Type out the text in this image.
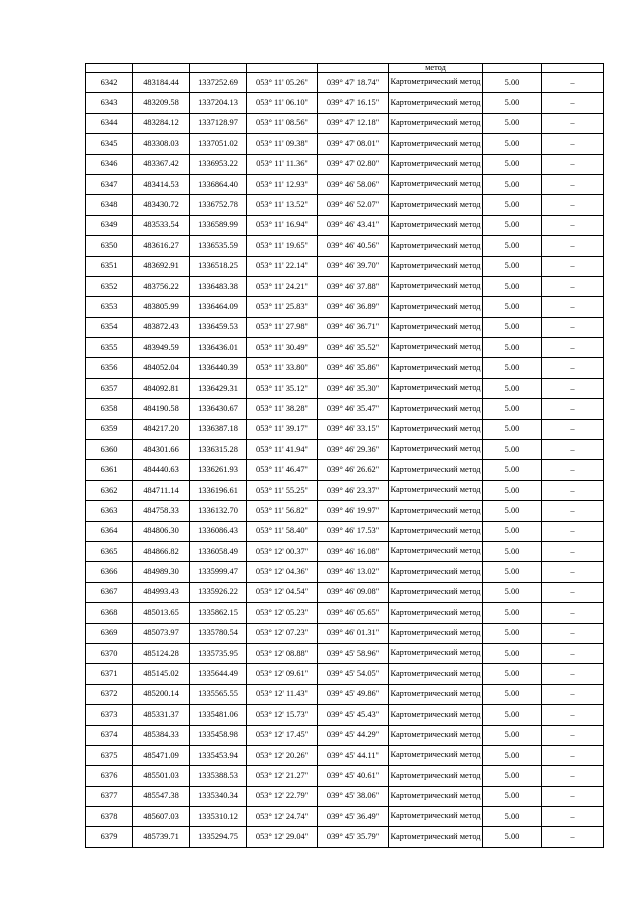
					метод		
6342	483184.44	1337252.69	053° 11' 05.26"	039° 47' 18.74"	Картометрический метод	5.00	–
6343	483209.58	1337204.13	053° 11' 06.10"	039° 47' 16.15"	Картометрический метод	5.00	–
6344	483284.12	1337128.97	053° 11' 08.56"	039° 47' 12.18"	Картометрический метод	5.00	–
6345	483308.03	1337051.02	053° 11' 09.38"	039° 47' 08.01"	Картометрический метод	5.00	–
6346	483367.42	1336953.22	053° 11' 11.36"	039° 47' 02.80"	Картометрический метод	5.00	–
6347	483414.53	1336864.40	053° 11' 12.93"	039° 46' 58.06"	Картометрический метод	5.00	–
6348	483430.72	1336752.78	053° 11' 13.52"	039° 46' 52.07"	Картометрический метод	5.00	–
6349	483533.54	1336589.99	053° 11' 16.94"	039° 46' 43.41"	Картометрический метод	5.00	–
6350	483616.27	1336535.59	053° 11' 19.65"	039° 46' 40.56"	Картометрический метод	5.00	–
6351	483692.91	1336518.25	053° 11' 22.14"	039° 46' 39.70"	Картометрический метод	5.00	–
6352	483756.22	1336483.38	053° 11' 24.21"	039° 46' 37.88"	Картометрический метод	5.00	–
6353	483805.99	1336464.09	053° 11' 25.83"	039° 46' 36.89"	Картометрический метод	5.00	–
6354	483872.43	1336459.53	053° 11' 27.98"	039° 46' 36.71"	Картометрический метод	5.00	–
6355	483949.59	1336436.01	053° 11' 30.49"	039° 46' 35.52"	Картометрический метод	5.00	–
6356	484052.04	1336440.39	053° 11' 33.80"	039° 46' 35.86"	Картометрический метод	5.00	–
6357	484092.81	1336429.31	053° 11' 35.12"	039° 46' 35.30"	Картометрический метод	5.00	–
6358	484190.58	1336430.67	053° 11' 38.28"	039° 46' 35.47"	Картометрический метод	5.00	–
6359	484217.20	1336387.18	053° 11' 39.17"	039° 46' 33.15"	Картометрический метод	5.00	–
6360	484301.66	1336315.28	053° 11' 41.94"	039° 46' 29.36"	Картометрический метод	5.00	–
6361	484440.63	1336261.93	053° 11' 46.47"	039° 46' 26.62"	Картометрический метод	5.00	–
6362	484711.14	1336196.61	053° 11' 55.25"	039° 46' 23.37"	Картометрический метод	5.00	–
6363	484758.33	1336132.70	053° 11' 56.82"	039° 46' 19.97"	Картометрический метод	5.00	–
6364	484806.30	1336086.43	053° 11' 58.40"	039° 46' 17.53"	Картометрический метод	5.00	–
6365	484866.82	1336058.49	053° 12' 00.37"	039° 46' 16.08"	Картометрический метод	5.00	–
6366	484989.30	1335999.47	053° 12' 04.36"	039° 46' 13.02"	Картометрический метод	5.00	–
6367	484993.43	1335926.22	053° 12' 04.54"	039° 46' 09.08"	Картометрический метод	5.00	–
6368	485013.65	1335862.15	053° 12' 05.23"	039° 46' 05.65"	Картометрический метод	5.00	–
6369	485073.97	1335780.54	053° 12' 07.23"	039° 46' 01.31"	Картометрический метод	5.00	–
6370	485124.28	1335735.95	053° 12' 08.88"	039° 45' 58.96"	Картометрический метод	5.00	–
6371	485145.02	1335644.49	053° 12' 09.61"	039° 45' 54.05"	Картометрический метод	5.00	–
6372	485200.14	1335565.55	053° 12' 11.43"	039° 45' 49.86"	Картометрический метод	5.00	–
6373	485331.37	1335481.06	053° 12' 15.73"	039° 45' 45.43"	Картометрический метод	5.00	–
6374	485384.33	1335458.98	053° 12' 17.45"	039° 45' 44.29"	Картометрический метод	5.00	–
6375	485471.09	1335453.94	053° 12' 20.26"	039° 45' 44.11"	Картометрический метод	5.00	–
6376	485501.03	1335388.53	053° 12' 21.27"	039° 45' 40.61"	Картометрический метод	5.00	–
6377	485547.38	1335340.34	053° 12' 22.79"	039° 45' 38.06"	Картометрический метод	5.00	–
6378	485607.03	1335310.12	053° 12' 24.74"	039° 45' 36.49"	Картометрический метод	5.00	–
6379	485739.71	1335294.75	053° 12' 29.04"	039° 45' 35.79"	Картометрический метод	5.00	–
